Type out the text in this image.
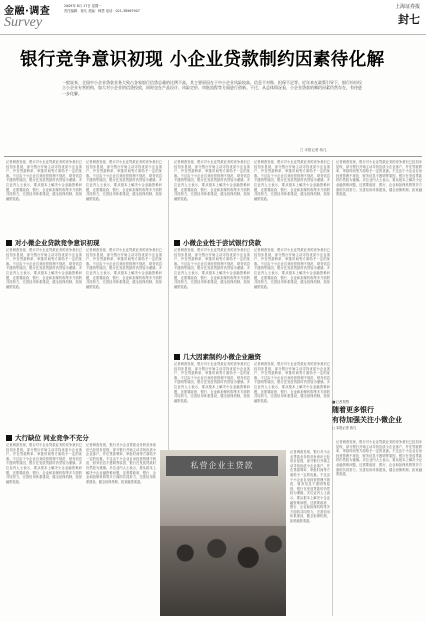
金融·调查
Survey
2009年 8月 17日 星期一
责任编辑：蒋凡 美编：韩思 电话：021-38967907
上海证券报
封七
银行竞争意识初现 小企业贷款制约因素待化解
一般说来，全国中小企业贷款业务大致占各家银行信贷总量的比例不高，其主要原因在于中小企业风险较高、信息不对称、担保不足等。近年来在政策引导下，银行纷纷设立小企业专营机构，加大对小企业的信贷投放，同时也在产品设计、风险定价、审批流程等方面进行创新。不过，从总体情况看，小企业贷款的制约因素仍然存在，有待进一步化解。
□ 本报记者 蒋凡
对小微企业贷款竞争意识初现
大行缺位 同业竞争不充分
小微企业性于尝试银行贷款
几大因素制约小微企业融资
记者调查发现，银行对小企业贷款业务的竞争意识已经初步显现，部分银行开始主动寻找优质小企业客户，并在贷款利率、审批时间等方面给予一定的优惠。不过由于小企业自身经营管理不规范、财务信息不透明等原因，银行在发放贷款时仍然较为谨慎。多位业内人士表示，要从根本上解决小企业融资难问题，还需要政府、银行、企业和担保机构等多方面的共同努力，完善信用体系建设，健全担保机制，拓宽融资渠道。
记者调查发现，银行对小企业贷款业务的竞争意识已经初步显现，部分银行开始主动寻找优质小企业客户，并在贷款利率、审批时间等方面给予一定的优惠。不过由于小企业自身经营管理不规范、财务信息不透明等原因，银行在发放贷款时仍然较为谨慎。多位业内人士表示，要从根本上解决小企业融资难问题，还需要政府、银行、企业和担保机构等多方面的共同努力，完善信用体系建设，健全担保机制，拓宽融资渠道。
记者调查发现，银行对小企业贷款业务的竞争意识已经初步显现，部分银行开始主动寻找优质小企业客户，并在贷款利率、审批时间等方面给予一定的优惠。不过由于小企业自身经营管理不规范、财务信息不透明等原因，银行在发放贷款时仍然较为谨慎。多位业内人士表示，要从根本上解决小企业融资难问题，还需要政府、银行、企业和担保机构等多方面的共同努力，完善信用体系建设，健全担保机制，拓宽融资渠道。
记者调查发现，银行对小企业贷款业务的竞争意识已经初步显现，部分银行开始主动寻找优质小企业客户，并在贷款利率、审批时间等方面给予一定的优惠。不过由于小企业自身经营管理不规范、财务信息不透明等原因，银行在发放贷款时仍然较为谨慎。多位业内人士表示，要从根本上解决小企业融资难问题，还需要政府、银行、企业和担保机构等多方面的共同努力，完善信用体系建设，健全担保机制，拓宽融资渠道。
记者调查发现，银行对小企业贷款业务的竞争意识已经初步显现，部分银行开始主动寻找优质小企业客户，并在贷款利率、审批时间等方面给予一定的优惠。不过由于小企业自身经营管理不规范、财务信息不透明等原因，银行在发放贷款时仍然较为谨慎。多位业内人士表示，要从根本上解决小企业融资难问题，还需要政府、银行、企业和担保机构等多方面的共同努力，完善信用体系建设，健全担保机制，拓宽融资渠道。
记者调查发现，银行对小企业贷款业务的竞争意识已经初步显现，部分银行开始主动寻找优质小企业客户，并在贷款利率、审批时间等方面给予一定的优惠。不过由于小企业自身经营管理不规范、财务信息不透明等原因，银行在发放贷款时仍然较为谨慎。多位业内人士表示，要从根本上解决小企业融资难问题，还需要政府、银行、企业和担保机构等多方面的共同努力，完善信用体系建设，健全担保机制，拓宽融资渠道。
记者调查发现，银行对小企业贷款业务的竞争意识已经初步显现，部分银行开始主动寻找优质小企业客户，并在贷款利率、审批时间等方面给予一定的优惠。不过由于小企业自身经营管理不规范、财务信息不透明等原因，银行在发放贷款时仍然较为谨慎。多位业内人士表示，要从根本上解决小企业融资难问题，还需要政府、银行、企业和担保机构等多方面的共同努力，完善信用体系建设，健全担保机制，拓宽融资渠道。
记者调查发现，银行对小企业贷款业务的竞争意识已经初步显现，部分银行开始主动寻找优质小企业客户，并在贷款利率、审批时间等方面给予一定的优惠。不过由于小企业自身经营管理不规范、财务信息不透明等原因，银行在发放贷款时仍然较为谨慎。多位业内人士表示，要从根本上解决小企业融资难问题，还需要政府、银行、企业和担保机构等多方面的共同努力，完善信用体系建设，健全担保机制，拓宽融资渠道。
记者调查发现，银行对小企业贷款业务的竞争意识已经初步显现，部分银行开始主动寻找优质小企业客户，并在贷款利率、审批时间等方面给予一定的优惠。不过由于小企业自身经营管理不规范、财务信息不透明等原因，银行在发放贷款时仍然较为谨慎。多位业内人士表示，要从根本上解决小企业融资难问题，还需要政府、银行、企业和担保机构等多方面的共同努力，完善信用体系建设，健全担保机制，拓宽融资渠道。
记者调查发现，银行对小企业贷款业务的竞争意识已经初步显现，部分银行开始主动寻找优质小企业客户，并在贷款利率、审批时间等方面给予一定的优惠。不过由于小企业自身经营管理不规范、财务信息不透明等原因，银行在发放贷款时仍然较为谨慎。多位业内人士表示，要从根本上解决小企业融资难问题，还需要政府、银行、企业和担保机构等多方面的共同努力，完善信用体系建设，健全担保机制，拓宽融资渠道。
记者调查发现，银行对小企业贷款业务的竞争意识已经初步显现，部分银行开始主动寻找优质小企业客户，并在贷款利率、审批时间等方面给予一定的优惠。不过由于小企业自身经营管理不规范、财务信息不透明等原因，银行在发放贷款时仍然较为谨慎。多位业内人士表示，要从根本上解决小企业融资难问题，还需要政府、银行、企业和担保机构等多方面的共同努力，完善信用体系建设，健全担保机制，拓宽融资渠道。
记者调查发现，银行对小企业贷款业务的竞争意识已经初步显现，部分银行开始主动寻找优质小企业客户，并在贷款利率、审批时间等方面给予一定的优惠。不过由于小企业自身经营管理不规范、财务信息不透明等原因，银行在发放贷款时仍然较为谨慎。多位业内人士表示，要从根本上解决小企业融资难问题，还需要政府、银行、企业和担保机构等多方面的共同努力，完善信用体系建设，健全担保机制，拓宽融资渠道。
记者调查发现，银行对小企业贷款业务的竞争意识已经初步显现，部分银行开始主动寻找优质小企业客户，并在贷款利率、审批时间等方面给予一定的优惠。不过由于小企业自身经营管理不规范、财务信息不透明等原因，银行在发放贷款时仍然较为谨慎。多位业内人士表示，要从根本上解决小企业融资难问题，还需要政府、银行、企业和担保机构等多方面的共同努力，完善信用体系建设，健全担保机制，拓宽融资渠道。
记者调查发现，银行对小企业贷款业务的竞争意识已经初步显现，部分银行开始主动寻找优质小企业客户，并在贷款利率、审批时间等方面给予一定的优惠。不过由于小企业自身经营管理不规范、财务信息不透明等原因，银行在发放贷款时仍然较为谨慎。多位业内人士表示，要从根本上解决小企业融资难问题，还需要政府、银行、企业和担保机构等多方面的共同努力，完善信用体系建设，健全担保机制，拓宽融资渠道。
记者调查发现，银行对小企业贷款业务的竞争意识已经初步显现，部分银行开始主动寻找优质小企业客户，并在贷款利率、审批时间等方面给予一定的优惠。不过由于小企业自身经营管理不规范、财务信息不透明等原因，银行在发放贷款时仍然较为谨慎。多位业内人士表示，要从根本上解决小企业融资难问题，还需要政府、银行、企业和担保机构等多方面的共同努力，完善信用体系建设，健全担保机制，拓宽融资渠道。
私营企业主贷款
■记者观察
随着更多银行
有待加强关注小微企业
□ 本报记者 蒋凡
